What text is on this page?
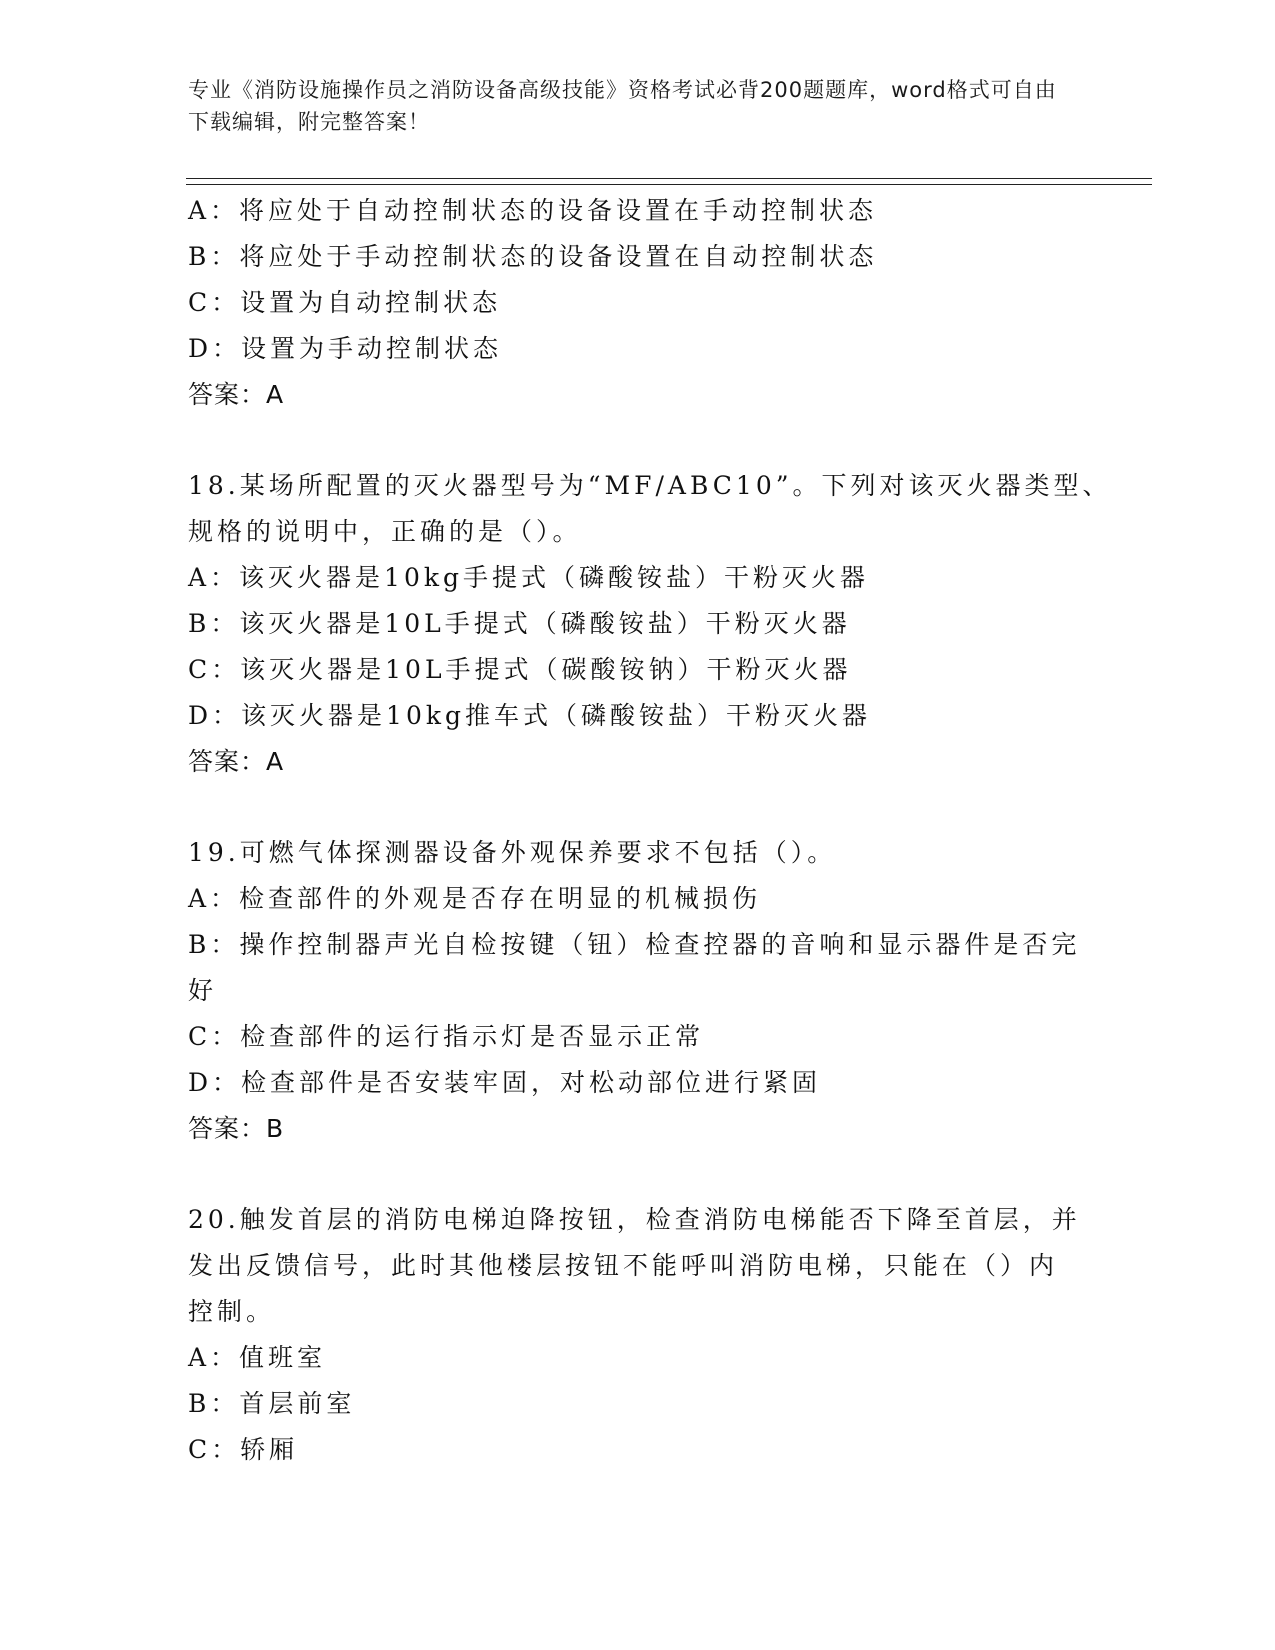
专业《消防设施操作员之消防设备高级技能》资格考试必背200题题库，word格式可自由下载编辑，附完整答案！
A：将应处于自动控制状态的设备设置在手动控制状态
B：将应处于手动控制状态的设备设置在自动控制状态
C：设置为自动控制状态
D：设置为手动控制状态
答案：A
18.某场所配置的灭火器型号为“MF/ABC10”。下列对该灭火器类型、
规格的说明中，正确的是（）。
A：该灭火器是10kg手提式（磷酸铵盐）干粉灭火器
B：该灭火器是10L手提式（磷酸铵盐）干粉灭火器
C：该灭火器是10L手提式（碳酸铵钠）干粉灭火器
D：该灭火器是10kg推车式（磷酸铵盐）干粉灭火器
答案：A
19.可燃气体探测器设备外观保养要求不包括（）。
A：检查部件的外观是否存在明显的机械损伤
B：操作控制器声光自检按键（钮）检查控器的音响和显示器件是否完
好
C：检查部件的运行指示灯是否显示正常
D：检查部件是否安装牢固，对松动部位进行紧固
答案：B
20.触发首层的消防电梯迫降按钮，检查消防电梯能否下降至首层，并
发出反馈信号，此时其他楼层按钮不能呼叫消防电梯，只能在（）内
控制。
A：值班室
B：首层前室
C：轿厢
